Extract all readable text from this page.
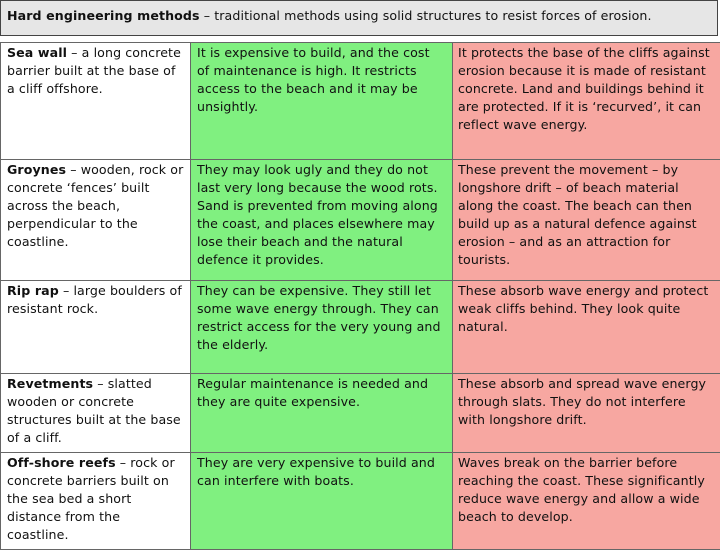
Hard engineering methods – traditional methods using solid structures to resist forces of erosion.
Sea wall – a long concrete barrier built at the base of a cliff offshore.	It is expensive to build, and the cost of maintenance is high. It restricts access to the beach and it may be unsightly.	It protects the base of the cliffs against erosion because it is made of resistant concrete. Land and buildings behind it are protected. If it is ‘recurved’, it can reflect wave energy.
Groynes – wooden, rock or concrete ‘fences’ built across the beach, perpendicular to the coastline.	They may look ugly and they do not last very long because the wood rots. Sand is prevented from moving along the coast, and places elsewhere may lose their beach and the natural defence it provides.	These prevent the movement – by longshore drift – of beach material along the coast. The beach can then build up as a natural defence against erosion – and as an attraction for tourists.
Rip rap – large boulders of resistant rock.	They can be expensive. They still let some wave energy through. They can restrict access for the very young and the elderly.	These absorb wave energy and protect weak cliffs behind. They look quite natural.
Revetments – slatted wooden or concrete structures built at the base of a cliff.	Regular maintenance is needed and they are quite expensive.	These absorb and spread wave energy through slats. They do not interfere with longshore drift.
Off-shore reefs – rock or concrete barriers built on the sea bed a short distance from the coastline.	They are very expensive to build and can interfere with boats.	Waves break on the barrier before reaching the coast. These significantly reduce wave energy and allow a wide beach to develop.
